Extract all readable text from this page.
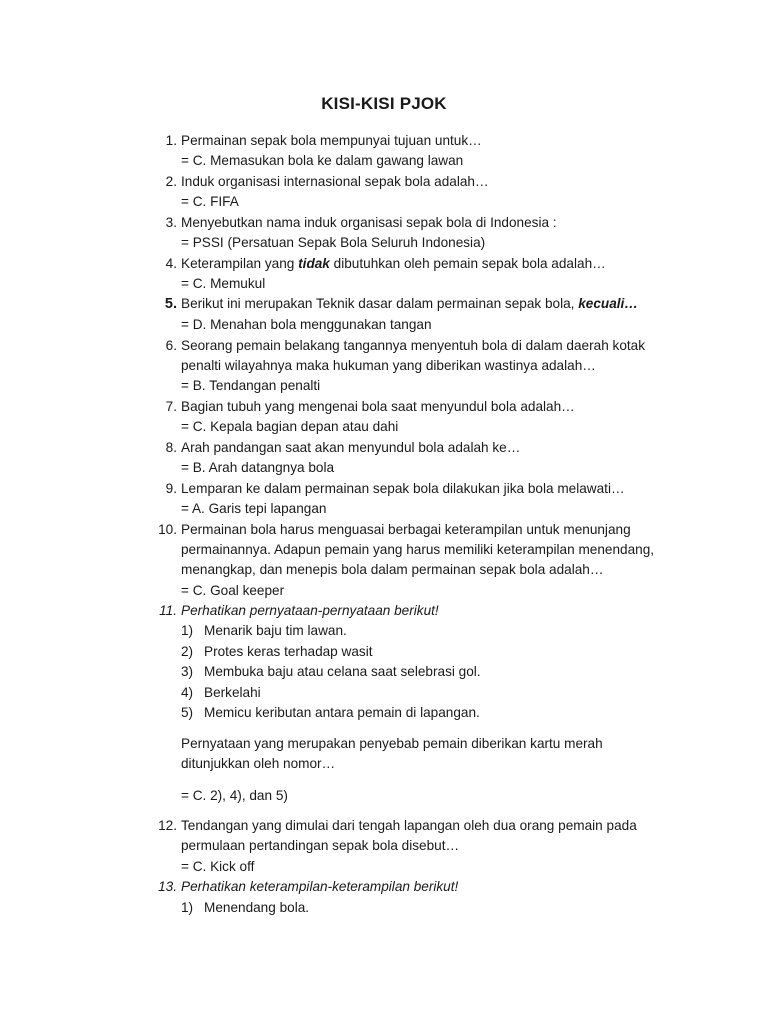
KISI-KISI PJOK
1. Permainan sepak bola mempunyai tujuan untuk…
= C. Memasukan bola ke dalam gawang lawan
2. Induk organisasi internasional sepak bola adalah…
= C. FIFA
3. Menyebutkan nama induk organisasi sepak bola di Indonesia :
= PSSI (Persatuan Sepak Bola Seluruh Indonesia)
4. Keterampilan yang tidak dibutuhkan oleh pemain sepak bola adalah…
= C. Memukul
5. Berikut ini merupakan Teknik dasar dalam permainan sepak bola, kecuali…
= D. Menahan bola menggunakan tangan
6. Seorang pemain belakang tangannya menyentuh bola di dalam daerah kotak
penalti wilayahnya maka hukuman yang diberikan wastinya adalah…
= B. Tendangan penalti
7. Bagian tubuh yang mengenai bola saat menyundul bola adalah…
= C. Kepala bagian depan atau dahi
8. Arah pandangan saat akan menyundul bola adalah ke…
= B. Arah datangnya bola
9. Lemparan ke dalam permainan sepak bola dilakukan jika bola melawati…
= A. Garis tepi lapangan
10. Permainan bola harus menguasai berbagai keterampilan untuk menunjang
permainannya. Adapun pemain yang harus memiliki keterampilan menendang,
menangkap, dan menepis bola dalam permainan sepak bola adalah…
= C. Goal keeper
11. Perhatikan pernyataan-pernyataan berikut!
1) Menarik baju tim lawan.
2) Protes keras terhadap wasit
3) Membuka baju atau celana saat selebrasi gol.
4) Berkelahi
5) Memicu keributan antara pemain di lapangan.
Pernyataan yang merupakan penyebab pemain diberikan kartu merah
ditunjukkan oleh nomor…
= C. 2), 4), dan 5)
12. Tendangan yang dimulai dari tengah lapangan oleh dua orang pemain pada
permulaan pertandingan sepak bola disebut…
= C. Kick off
13. Perhatikan keterampilan-keterampilan berikut!
1) Menendang bola.
